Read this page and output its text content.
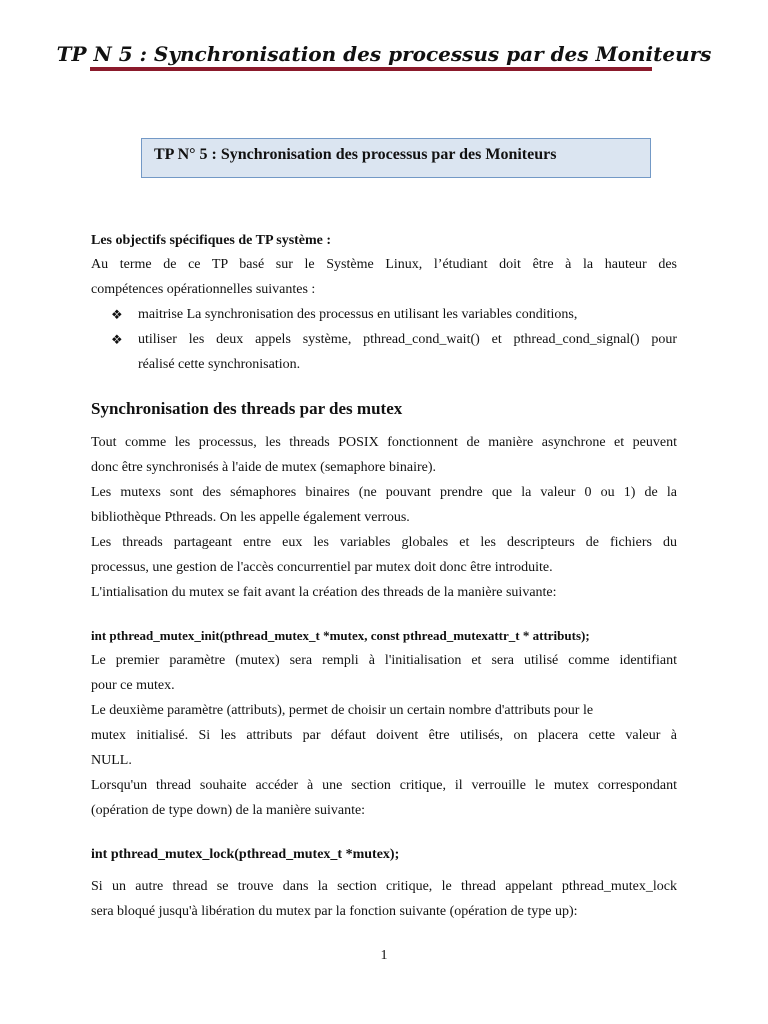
TP N 5 : Synchronisation des processus par des Moniteurs
TP N° 5 : Synchronisation des processus par des Moniteurs
Les objectifs spécifiques de TP système :
Au terme de ce TP basé sur le Système Linux, l’étudiant doit être à la hauteur des
compétences opérationnelles suivantes :
❖ maitrise La synchronisation des processus en utilisant les variables conditions,
❖ utiliser les deux appels système, pthread_cond_wait() et pthread_cond_signal() pour
réalisé cette synchronisation.
Synchronisation des threads par des mutex
Tout comme les processus, les threads POSIX fonctionnent de manière asynchrone et peuvent
donc être synchronisés à l'aide de mutex (semaphore binaire).
Les mutexs sont des sémaphores binaires (ne pouvant prendre que la valeur 0 ou 1) de la
bibliothèque Pthreads. On les appelle également verrous.
Les threads partageant entre eux les variables globales et les descripteurs de fichiers du
processus, une gestion de l'accès concurrentiel par mutex doit donc être introduite.
L'intialisation du mutex se fait avant la création des threads de la manière suivante:
int pthread_mutex_init(pthread_mutex_t *mutex, const pthread_mutexattr_t * attributs);
Le premier paramètre (mutex) sera rempli à l'initialisation et sera utilisé comme identifiant
pour ce mutex.
Le deuxième paramètre (attributs), permet de choisir un certain nombre d'attributs pour le
mutex initialisé. Si les attributs par défaut doivent être utilisés, on placera cette valeur à
NULL.
Lorsqu'un thread souhaite accéder à une section critique, il verrouille le mutex correspondant
(opération de type down) de la manière suivante:
int pthread_mutex_lock(pthread_mutex_t *mutex);
Si un autre thread se trouve dans la section critique, le thread appelant pthread_mutex_lock
sera bloqué jusqu'à libération du mutex par la fonction suivante (opération de type up):
1
